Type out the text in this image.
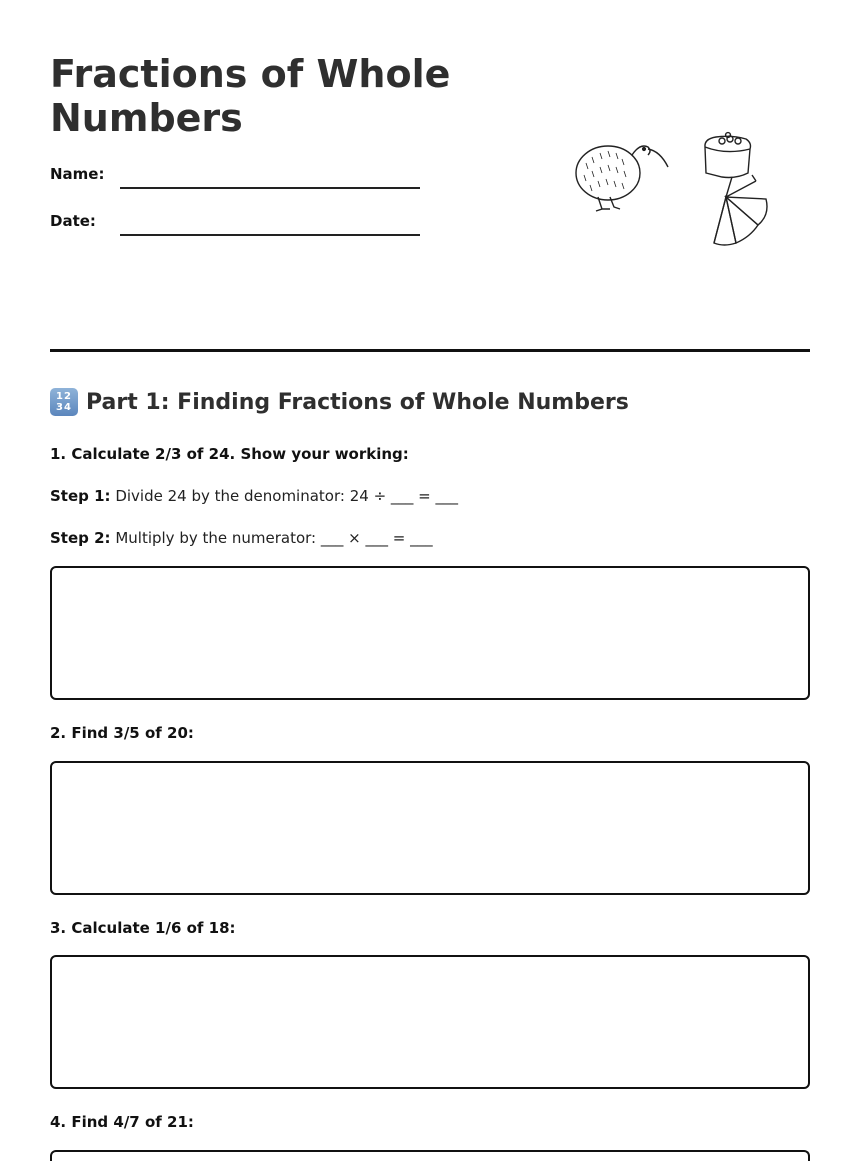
Fractions of Whole Numbers
Name:
Date:
12
34 Part 1: Finding Fractions of Whole Numbers

1. Calculate 2/3 of 24. Show your working:

Step 1: Divide 24 by the denominator: 24 ÷ ___ = ___

Step 2: Multiply by the numerator: ___ × ___ = ___

2. Find 3/5 of 20:

3. Calculate 1/6 of 18:

4. Find 4/7 of 21:
